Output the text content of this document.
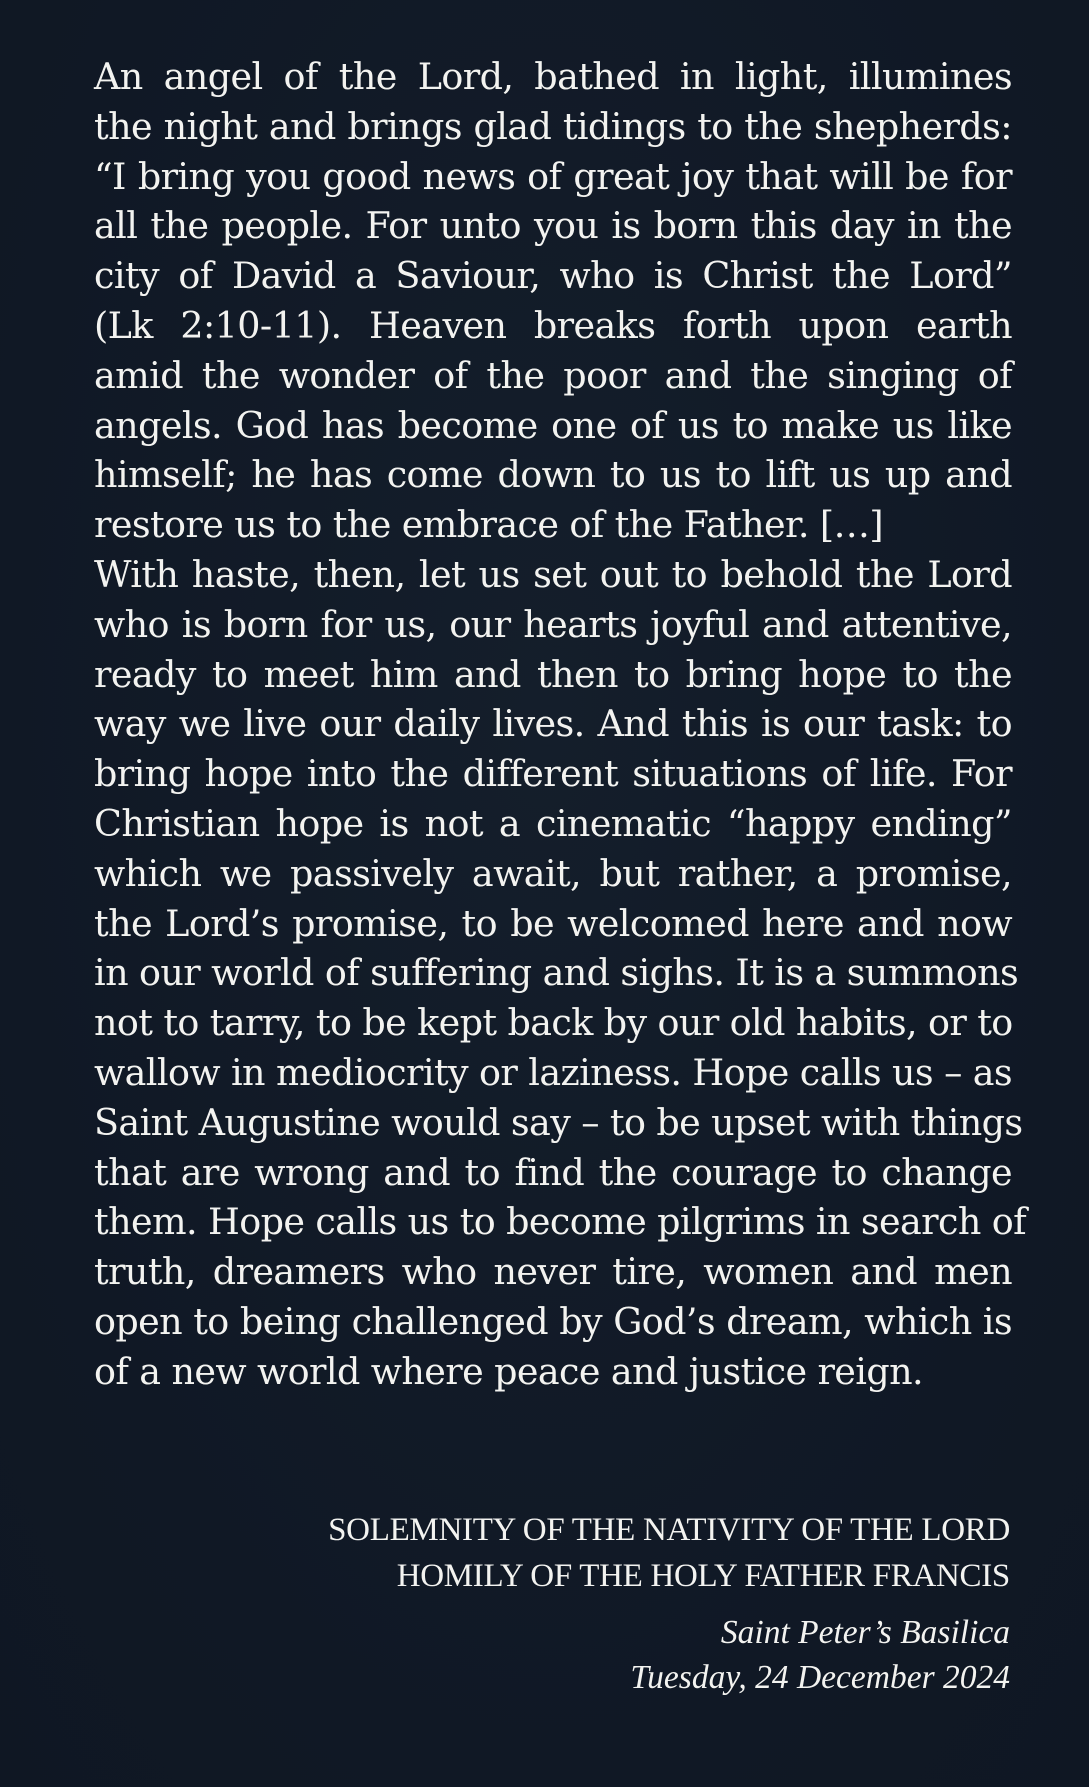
An angel of the Lord, bathed in light, illumines
the night and brings glad tidings to the shepherds:
“I bring you good news of great joy that will be for
all the people. For unto you is born this day in the
city of David a Saviour, who is Christ the Lord”
(Lk 2:10-11). Heaven breaks forth upon earth
amid the wonder of the poor and the singing of
angels. God has become one of us to make us like
himself; he has come down to us to lift us up and
restore us to the embrace of the Father. […]
With haste, then, let us set out to behold the Lord
who is born for us, our hearts joyful and attentive,
ready to meet him and then to bring hope to the
way we live our daily lives. And this is our task: to
bring hope into the different situations of life. For
Christian hope is not a cinematic “happy ending”
which we passively await, but rather, a promise,
the Lord’s promise, to be welcomed here and now
in our world of suffering and sighs. It is a summons
not to tarry, to be kept back by our old habits, or to
wallow in mediocrity or laziness. Hope calls us – as
Saint Augustine would say – to be upset with things
that are wrong and to find the courage to change
them. Hope calls us to become pilgrims in search of
truth, dreamers who never tire, women and men
open to being challenged by God’s dream, which is
of a new world where peace and justice reign.
SOLEMNITY OF THE NATIVITY OF THE LORD
HOMILY OF THE HOLY FATHER FRANCIS
Saint Peter’s Basilica
Tuesday, 24 December 2024
